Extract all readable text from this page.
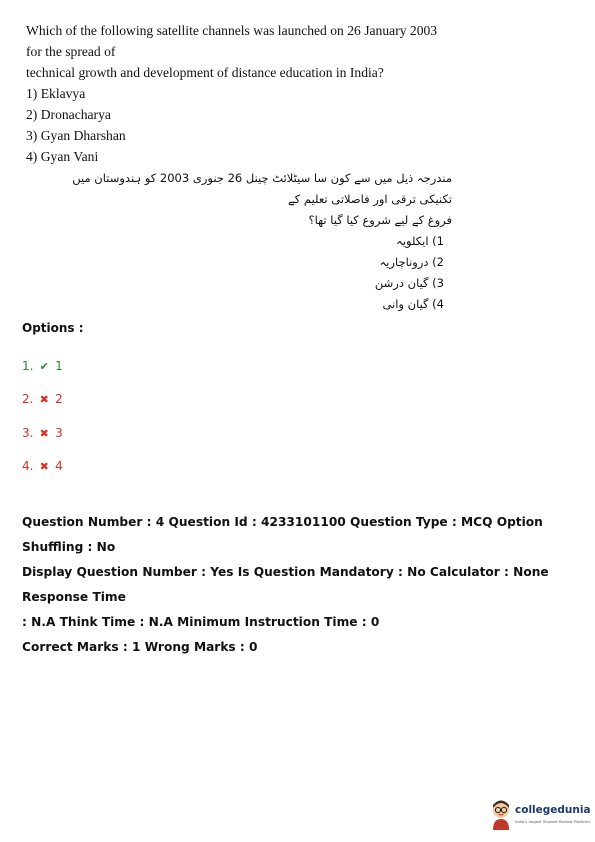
Which of the following satellite channels was launched on 26 January 2003 for the spread of

technical growth and development of distance education in India?

1) Eklavya

2) Dronacharya

3) Gyan Dharshan

4) Gyan Vani

مندرجہ ذیل میں سے کون سا سیٹلائٹ چینل 26 جنوری 2003 کو ہندوستان میں تکنیکی ترقی اور فاصلاتی تعلیم کے
فروغ کے لیے شروع کیا گیا تھا؟
1) ایکلویہ
2) دروناچاریہ
3) گیان درشن
4) گیان وانی
Options :
1. ✔ 1
2. ✖ 2
3. ✖ 3
4. ✖ 4

Question Number : 4 Question Id : 4233101100 Question Type : MCQ Option Shuffling : No

Display Question Number : Yes Is Question Mandatory : No Calculator : None Response Time

: N.A Think Time : N.A Minimum Instruction Time : 0

Correct Marks : 1 Wrong Marks : 0

collegedunia
India's largest Student Review Platform
